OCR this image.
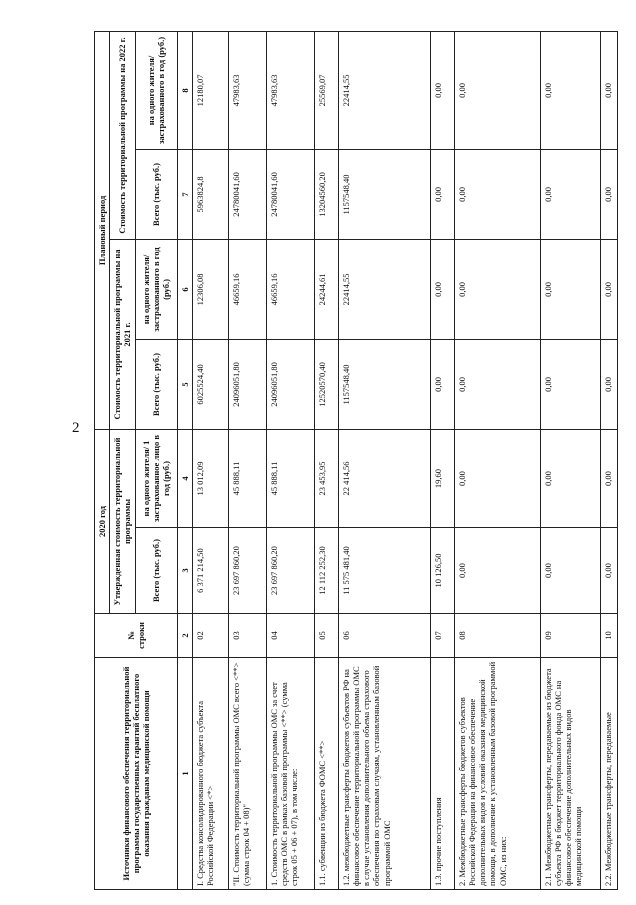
2
Источники финансового обеспечения территориальной программы государственных гарантий бесплатного оказания гражданам медицинской помощи	№ строки	2020 год		Плановый период			
		Утвержденная стоимость территориальной программы		Стоимость территориальной программы на 2021 г.		Стоимость территориальной программы на 2022 г.	
		Всего (тыс. руб.)	на одного жителя/ 1 застрахованное лицо в год (руб.)	Всего (тыс. руб.)	на одного жителя/ застрахованного в год (руб.)	Всего (тыс. руб.)	на одного жителя/ застрахованного в год (руб.)
1	2	3	4	5	6	7	8
I. Средства консолидированного бюджета субъекта Российской Федерации <*>	02	6 371 214,50	13 012,09	6025524,40	12306,08	5963824,8	12180,07
"II. Стоимость территориальной программы ОМС всего <**> (сумма строк 04 + 08)"	03	23 697 860,20	45 888,11	24096051,80	46659,16	24780041,60	47983,63
1. Стоимость территориальной программы ОМС за счет средств ОМС в рамках базовой программы <**> (сумма строк 05 + 06 + 07), в том числе:	04	23 697 860,20	45 888,11	24096051,80	46659,16	24780041,60	47983,63
1.1. субвенции из бюджета ФОМС <**>	05	12 112 252,30	23 453,95	12520570,40	24244,61	13204560,20	25569,07
1.2. межбюджетные трансферты бюджетов субъектов РФ на финансовое обеспечение территориальной программы ОМС в случае установления дополнительного объема страхового обеспечения по страховым случаям, установленным базовой программой ОМС	06	11 575 481,40	22 414,56	1157548,40	22414,55	1157548,40	22414,55
1.3. прочие поступления	07	10 126,50	19,60	0,00	0,00	0,00	0,00
2. Межбюджетные трансферты бюджетов субъектов Российской Федерации на финансовое обеспечение дополнительных видов и условий оказания медицинской помощи, в дополнение к установленным базовой программой ОМС, из них:	08	0,00	0,00	0,00	0,00	0,00	0,00
2.1. Межбюджетные трансферты, передаваемые из бюджета субъекта РФ в бюджет территориального фонда ОМС на финансовое обеспечение дополнительных видов медицинской помощи	09	0,00	0,00	0,00	0,00	0,00	0,00
2.2. Межбюджетные трансферты, передаваемые	10	0,00	0,00	0,00	0,00	0,00	0,00
